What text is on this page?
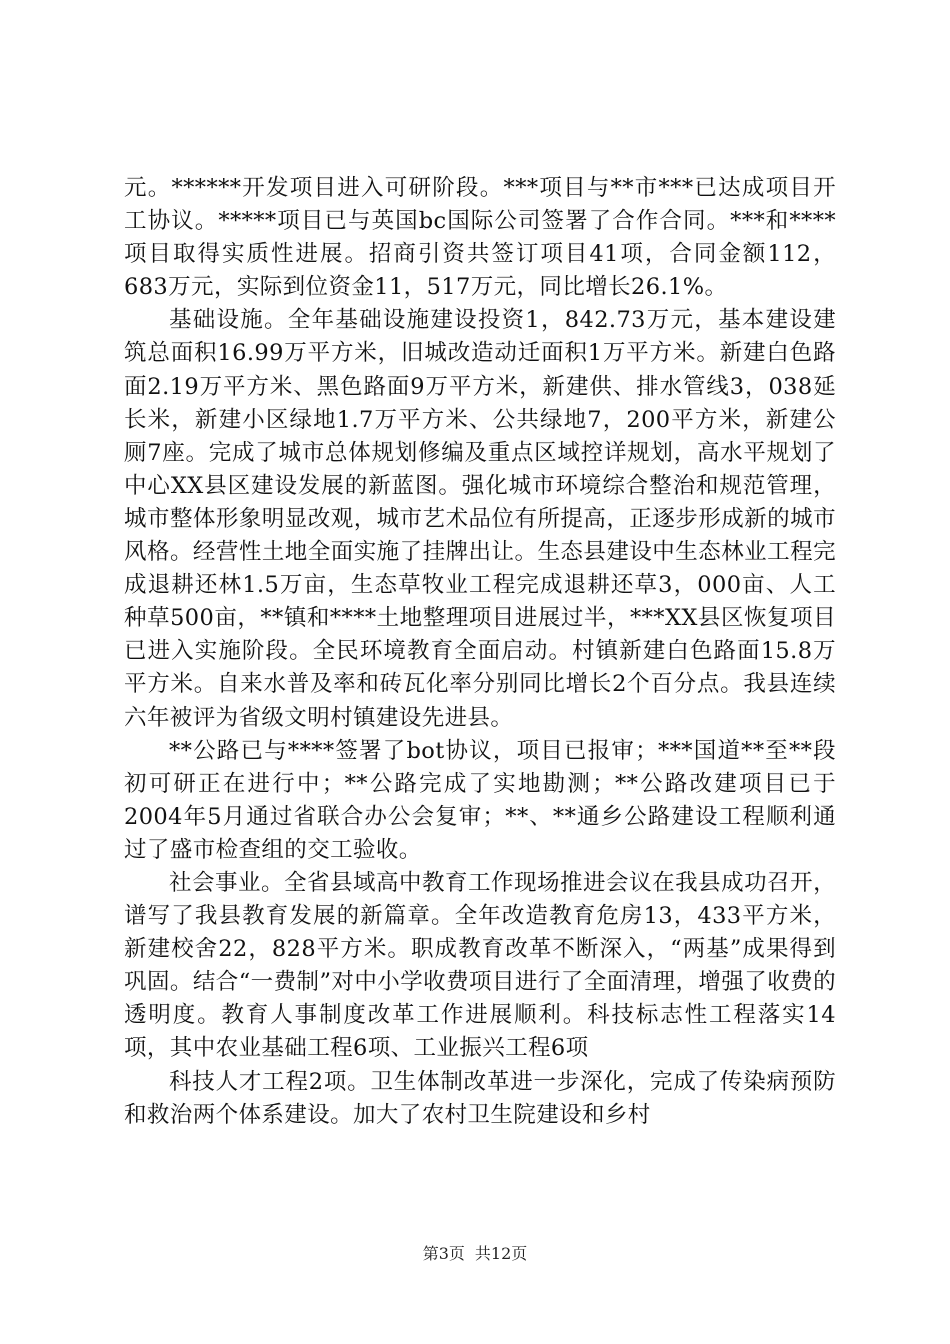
元。******开发项目进入可研阶段。***项目与**市***已达成项目开工协议。*****项目已与英国bc国际公司签署了合作合同。***和****项目取得实质性进展。招商引资共签订项目41项，合同金额112，683万元，实际到位资金11，517万元，同比增长26.1%。

基础设施。全年基础设施建设投资1，842.73万元，基本建设建筑总面积16.99万平方米，旧城改造动迁面积1万平方米。新建白色路面2.19万平方米、黑色路面9万平方米，新建供、排水管线3，038延长米，新建小区绿地1.7万平方米、公共绿地7，200平方米，新建公厕7座。完成了城市总体规划修编及重点区域控详规划，高水平规划了中心XX县区建设发展的新蓝图。强化城市环境综合整治和规范管理，城市整体形象明显改观，城市艺术品位有所提高，正逐步形成新的城市风格。经营性土地全面实施了挂牌出让。生态县建设中生态林业工程完成退耕还林1.5万亩，生态草牧业工程完成退耕还草3，000亩、人工种草500亩，**镇和****土地整理项目进展过半，***XX县区恢复项目已进入实施阶段。全民环境教育全面启动。村镇新建白色路面15.8万平方米。自来水普及率和砖瓦化率分别同比增长2个百分点。我县连续六年被评为省级文明村镇建设先进县。

**公路已与****签署了bot协议，项目已报审；***国道**至**段初可研正在进行中；**公路完成了实地勘测；**公路改建项目已于2004年5月通过省联合办公会复审；**、**通乡公路建设工程顺利通过了盛市检查组的交工验收。

社会事业。全省县域高中教育工作现场推进会议在我县成功召开，谱写了我县教育发展的新篇章。全年改造教育危房13，433平方米，新建校舍22，828平方米。职成教育改革不断深入，“两基”成果得到巩固。结合“一费制”对中小学收费项目进行了全面清理，增强了收费的透明度。教育人事制度改革工作进展顺利。科技标志性工程落实14项，其中农业基础工程6项、工业振兴工程6项

科技人才工程2项。卫生体制改革进一步深化，完成了传染病预防和救治两个体系建设。加大了农村卫生院建设和乡村

第3页 共12页
